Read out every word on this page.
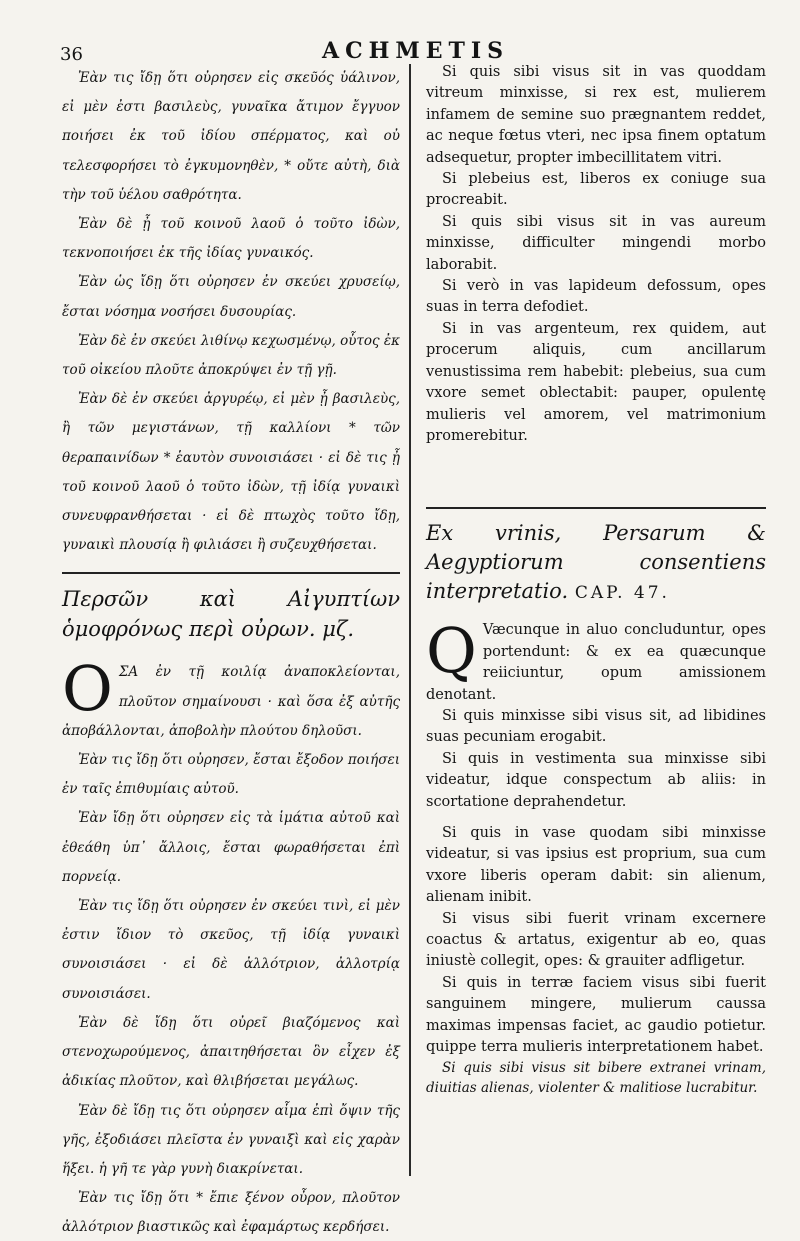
36	ACHMETIS

Ἐὰν τις ἴδῃ ὅτι οὐρησεν εἰς σκεῦός ὑάλινον, εἰ μὲν ἐστι βασιλεὺς, γυναῖκα ἄτιμον ἔγγυον ποιήσει ἐκ τοῦ ἰδίου σπέρματος, καὶ οὐ τελεσφορήσει τὸ ἐγκυμονηθὲν, * οὔτε αὐτὴ, διὰ τὴν τοῦ ὑέλου σαθρότητα.

Ἐὰν δὲ ᾖ τοῦ κοινοῦ λαοῦ ὁ τοῦτο ἰδὼν, τεκνοποιήσει ἐκ τῆς ἰδίας γυναικός.

Ἐὰν ὡς ἴδῃ ὅτι οὐρησεν ἐν σκεύει χρυσείῳ, ἔσται νόσημα νοσήσει δυσουρίας.

Ἐὰν δὲ ἐν σκεύει λιθίνῳ κεχωσμένῳ, οὗτος ἐκ τοῦ οἰκείου πλοῦτε ἀποκρύψει ἐν τῇ γῇ.

Ἐὰν δὲ ἐν σκεύει ἀργυρέῳ, εἰ μὲν ᾖ βασιλεὺς, ἢ τῶν μεγιστάνων, τῇ καλλίονι * τῶν θεραπαινίδων * ἑαυτὸν συνοισιάσει · εἰ δὲ τις ᾖ τοῦ κοινοῦ λαοῦ ὁ τοῦτο ἰδὼν, τῇ ἰδίᾳ γυναικὶ συνευφρανθήσεται · εἰ δὲ πτωχὸς τοῦτο ἴδῃ, γυναικὶ πλουσίᾳ ἢ φιλιάσει ἢ συζευχθήσεται.

Περσῶν καὶ Αἰγυπτίων ὁμοφρόνως περὶ οὐρων. μζ.

Ο ΣΑ ἐν τῇ κοιλίᾳ ἀναποκλείονται, πλοῦτον σημαίνουσι · καὶ ὅσα ἐξ αὐτῆς ἀποβάλλονται, ἀποβολὴν πλούτου δηλοῦσι.

Ἐὰν τις ἴδῃ ὅτι οὐρησεν, ἔσται ἔξοδον ποιήσει ἐν ταῖς ἐπιθυμίαις αὐτοῦ.

Ἐὰν ἴδῃ ὅτι οὐρησεν εἰς τὰ ἱμάτια αὐτοῦ καὶ ἐθεάθη ὑπ᾽ ἄλλοις, ἔσται φωραθήσεται ἐπὶ πορνείᾳ.

Ἐὰν τις ἴδῃ ὅτι οὐρησεν ἐν σκεύει τινὶ, εἰ μὲν ἐστιν ἴδιον τὸ σκεῦος, τῇ ἰδίᾳ γυναικὶ συνοισιάσει · εἰ δὲ ἀλλότριον, ἀλλοτρίᾳ συνοισιάσει.

Ἐὰν δὲ ἴδῃ ὅτι οὐρεῖ βιαζόμενος καὶ στενοχωρούμενος, ἀπαιτηθήσεται ὃν εἶχεν ἐξ ἀδικίας πλοῦτον, καὶ θλιβήσεται μεγάλως.

Ἐὰν δὲ ἴδῃ τις ὅτι οὐρησεν αἷμα ἐπὶ ὄψιν τῆς γῆς, ἐξοδιάσει πλεῖστα ἐν γυναιξὶ καὶ εἰς χαρὰν ἥξει. ἡ γῆ τε γὰρ γυνὴ διακρίνεται.

Ἐὰν τις ἴδῃ ὅτι * ἔπιε ξένον οὖρον, πλοῦτον ἀλλότριον βιαστικῶς καὶ ἐφαμάρτως κερδήσει.

Si quis sibi visus sit in vas quoddam vitreum minxisse, si rex est, mulierem infamem de semine suo prægnantem reddet, ac neque fœtus vteri, nec ipsa finem optatum adsequetur, propter imbecillitatem vitri.

Si plebeius est, liberos ex coniuge sua procreabit.

Si quis sibi visus sit in vas aureum minxisse, difficulter mingendi morbo laborabit.

Si verò in vas lapideum defossum, opes suas in terra defodiet.

Si in vas argenteum, rex quidem, aut procerum aliquis, cum ancillarum venustissima rem habebit: plebeius, sua cum vxore semet oblectabit: pauper, opulentę mulieris vel amorem, vel matrimonium promerebitur.

Ex vrinis, Persarum & Aegyptiorum consentiens interpretatio. CAP. 47.

Q Væcunque in aluo concluduntur, opes portendunt: & ex ea quæcunque reiiciuntur, opum amissionem denotant.

Si quis minxisse sibi visus sit, ad libidines suas pecuniam erogabit.

Si quis in vestimenta sua minxisse sibi videatur, idque conspectum ab aliis: in scortatione deprahendetur.

Si quis in vase quodam sibi minxisse videatur, si vas ipsius est proprium, sua cum vxore liberis operam dabit: sin alienum, alienam inibit.

Si visus sibi fuerit vrinam excernere coactus & artatus, exigentur ab eo, quas iniustè collegit, opes: & grauiter adfligetur.

Si quis in terræ faciem visus sibi fuerit sanguinem mingere, mulierum caussa maximas impensas faciet, ac gaudio potietur. quippe terra mulieris interpretationem habet.

Si quis sibi visus sit bibere extranei vrinam, diuitias alienas, violenter & malitiose lucrabitur.
